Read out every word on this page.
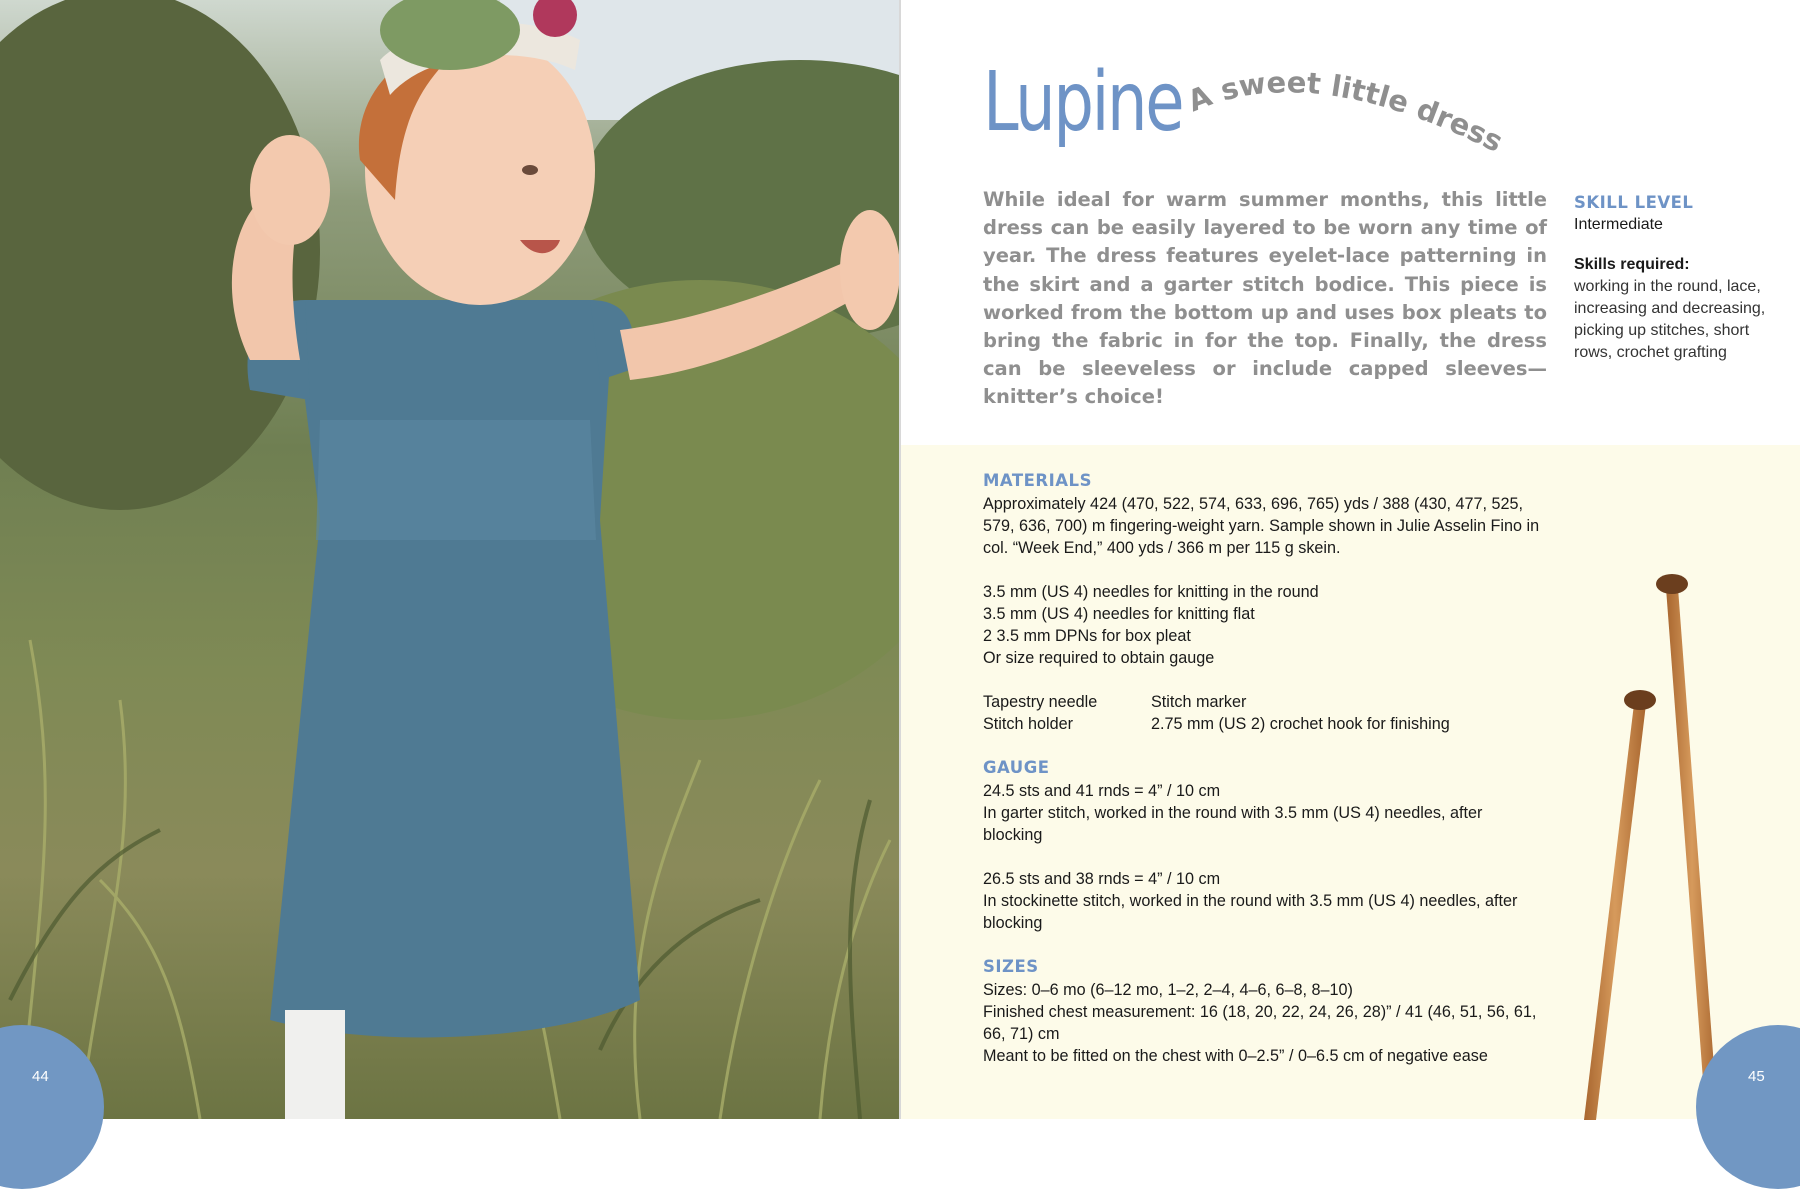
44
Lupine A sweet little dress

While ideal for warm summer months, this little dress can be easily layered to be worn any time of year. The dress features eyelet-lace patterning in the skirt and a garter stitch bodice. This piece is worked from the bottom up and uses box pleats to bring the fabric in for the top. Finally, the dress can be sleeveless or include capped sleeves—knitter’s choice!

SKILL LEVEL

Intermediate

Skills required:

working in the round, lace, increasing and decreasing, picking up stitches, short rows, crochet grafting

MATERIALS

Approximately 424 (470, 522, 574, 633, 696, 765) yds / 388 (430, 477, 525, 579, 636, 700) m fingering-weight yarn. Sample shown in Julie Asselin Fino in col. “Week End,” 400 yds / 366 m per 115 g skein.

3.5 mm (US 4) needles for knitting in the round

3.5 mm (US 4) needles for knitting flat

2 3.5 mm DPNs for box pleat

Or size required to obtain gauge

Tapestry needle	Stitch marker

Stitch holder	2.75 mm (US 2) crochet hook for finishing

GAUGE

24.5 sts and 41 rnds = 4” / 10 cm

In garter stitch, worked in the round with 3.5 mm (US 4) needles, after blocking

26.5 sts and 38 rnds = 4” / 10 cm

In stockinette stitch, worked in the round with 3.5 mm (US 4) needles, after blocking

SIZES

Sizes: 0–6 mo (6–12 mo, 1–2, 2–4, 4–6, 6–8, 8–10)

Finished chest measurement: 16 (18, 20, 22, 24, 26, 28)” / 41 (46, 51, 56, 61, 66, 71) cm

Meant to be fitted on the chest with 0–2.5” / 0–6.5 cm of negative ease

45
